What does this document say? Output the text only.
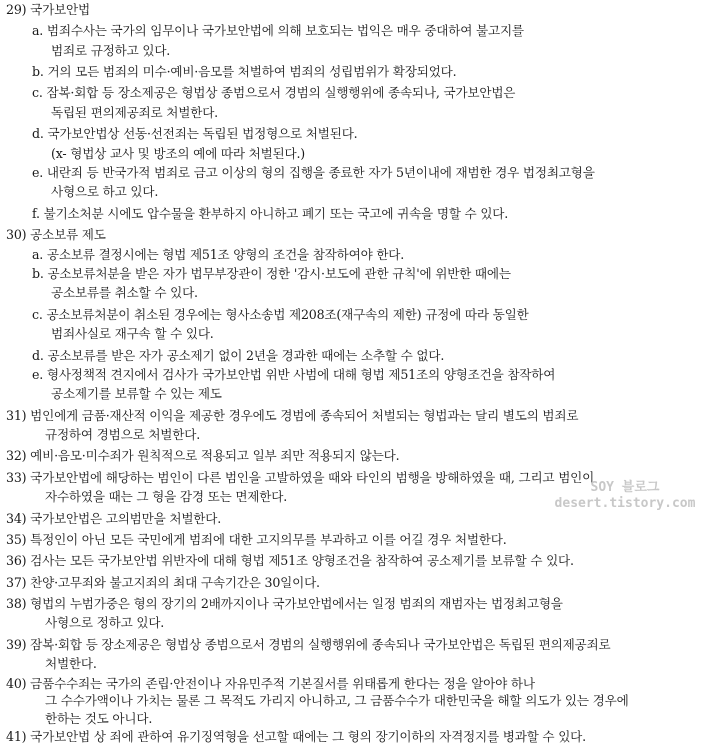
29) 국가보안법
a. 범죄수사는 국가의 임무이나 국가보안법에 의해 보호되는 법익은 매우 중대하여 불고지를
범죄로 규정하고 있다.
b. 거의 모든 범죄의 미수·예비·음모를 처벌하여 범죄의 성립범위가 확장되었다.
c. 잠복·회합 등 장소제공은 형법상 종범으로서 경범의 실행행위에 종속되나, 국가보안법은
독립된 편의제공죄로 처벌한다.
d. 국가보안법상 선동·선전죄는 독립된 법정형으로 처벌된다.
(x- 형법상 교사 및 방조의 예에 따라 처벌된다.)
e. 내란죄 등 반국가적 범죄로 금고 이상의 형의 집행을 종료한 자가 5년이내에 재범한 경우 법정최고형을
사형으로 하고 있다.
f. 불기소처분 시에도 압수물을 환부하지 아니하고 폐기 또는 국고에 귀속을 명할 수 있다.
30) 공소보류 제도
a. 공소보류 결정시에는 형법 제51조 양형의 조건을 참작하여야 한다.
b. 공소보류처분을 받은 자가 법무부장관이 정한 '감시·보도에 관한 규칙'에 위반한 때에는
공소보류를 취소할 수 있다.
c. 공소보류처분이 취소된 경우에는 형사소송법 제208조(재구속의 제한) 규정에 따라 동일한
범죄사실로 재구속 할 수 있다.
d. 공소보류를 받은 자가 공소제기 없이 2년을 경과한 때에는 소추할 수 없다.
e. 형사정책적 견지에서 검사가 국가보안법 위반 사범에 대해 형법 제51조의 양형조건을 참작하여
공소제기를 보류할 수 있는 제도
31) 범인에게 금품·재산적 이익을 제공한 경우에도 경범에 종속되어 처벌되는 형법과는 달리 별도의 범죄로
규정하여 경범으로 처벌한다.
32) 예비·음모·미수죄가 원칙적으로 적용되고 일부 죄만 적용되지 않는다.
33) 국가보안법에 해당하는 범인이 다른 범인을 고발하였을 때와 타인의 범행을 방해하였을 때, 그리고 범인이
자수하였을 때는 그 형을 감경 또는 면제한다.
34) 국가보안법은 고의범만을 처벌한다.
35) 특정인이 아닌 모든 국민에게 범죄에 대한 고지의무를 부과하고 이를 어길 경우 처벌한다.
36) 검사는 모든 국가보안법 위반자에 대해 형법 제51조 양형조건을 참작하여 공소제기를 보류할 수 있다.
37) 찬양·고무죄와 불고지죄의 최대 구속기간은 30일이다.
38) 형법의 누범가중은 형의 장기의 2배까지이나 국가보안법에서는 일정 범죄의 재범자는 법정최고형을
사형으로 정하고 있다.
39) 잠복·회합 등 장소제공은 형법상 종범으로서 경범의 실행행위에 종속되나 국가보안법은 독립된 편의제공죄로
처벌한다.
40) 금품수수죄는 국가의 존립·안전이나 자유민주적 기본질서를 위태롭게 한다는 정을 알아야 하나
그 수수가액이나 가치는 물론 그 목적도 가리지 아니하고, 그 금품수수가 대한민국을 해할 의도가 있는 경우에
한하는 것도 아니다.
41) 국가보안법 상 죄에 관하여 유기징역형을 선고할 때에는 그 형의 장기이하의 자격정지를 병과할 수 있다.
SOY 블로그
desert.tistory.com
